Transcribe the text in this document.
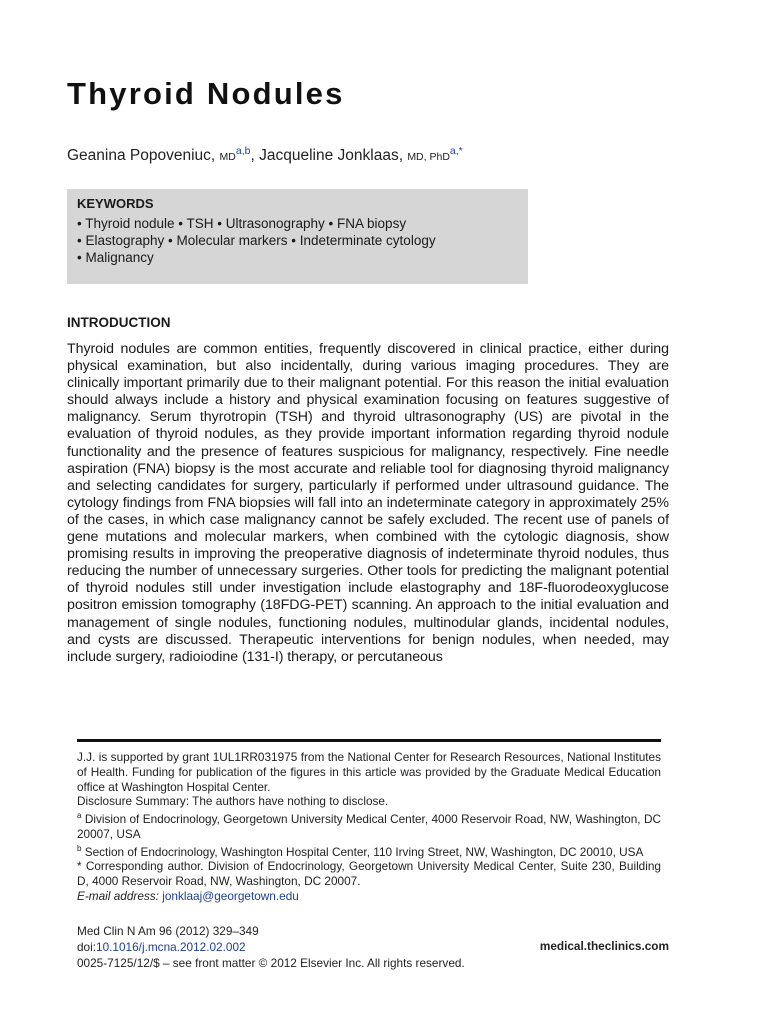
Thyroid Nodules
Geanina Popoveniuc, MD$^{a,b}$, Jacqueline Jonklaas, MD, PhD$^{a,*}$
KEYWORDS
• Thyroid nodule • TSH • Ultrasonography • FNA biopsy
• Elastography • Molecular markers • Indeterminate cytology
• Malignancy
INTRODUCTION

Thyroid nodules are common entities, frequently discovered in clinical practice, either during physical examination, but also incidentally, during various imaging procedures. They are clinically important primarily due to their malignant potential. For this reason the initial evaluation should always include a history and physical examination focusing on features suggestive of malignancy. Serum thyrotropin (TSH) and thyroid ultrasonography (US) are pivotal in the evaluation of thyroid nodules, as they provide important information regarding thyroid nodule functionality and the presence of features suspicious for malignancy, respectively. Fine needle aspiration (FNA) biopsy is the most accurate and reliable tool for diagnosing thyroid malignancy and selecting candidates for surgery, particularly if performed under ultrasound guidance. The cytology findings from FNA biopsies will fall into an indeterminate category in approximately 25% of the cases, in which case malignancy cannot be safely excluded. The recent use of panels of gene mutations and molecular markers, when combined with the cytologic diagnosis, show promising results in improving the preoperative diagnosis of indeterminate thyroid nodules, thus reducing the number of unnecessary surgeries. Other tools for predicting the malignant potential of thyroid nodules still under investigation include elastography and 18F-fluorodeoxyglucose positron emission tomography (18FDG-PET) scanning. An approach to the initial evaluation and management of single nodules, functioning nodules, multinodular glands, incidental nodules, and cysts are discussed. Therapeutic interventions for benign nodules, when needed, may include surgery, radioiodine (131-I) therapy, or percutaneous

J.J. is supported by grant 1UL1RR031975 from the National Center for Research Resources, National Institutes of Health. Funding for publication of the figures in this article was provided by the Graduate Medical Education office at Washington Hospital Center.

Disclosure Summary: The authors have nothing to disclose.

$^a$ Division of Endocrinology, Georgetown University Medical Center, 4000 Reservoir Road, NW, Washington, DC 20007, USA

$^b$ Section of Endocrinology, Washington Hospital Center, 110 Irving Street, NW, Washington, DC 20010, USA

* Corresponding author. Division of Endocrinology, Georgetown University Medical Center, Suite 230, Building D, 4000 Reservoir Road, NW, Washington, DC 20007.

E-mail address: jonklaaj@georgetown.edu

Med Clin N Am 96 (2012) 329–349

doi:10.1016/j.mcna.2012.02.002

0025-7125/12/$ – see front matter © 2012 Elsevier Inc. All rights reserved.

medical.theclinics.com
